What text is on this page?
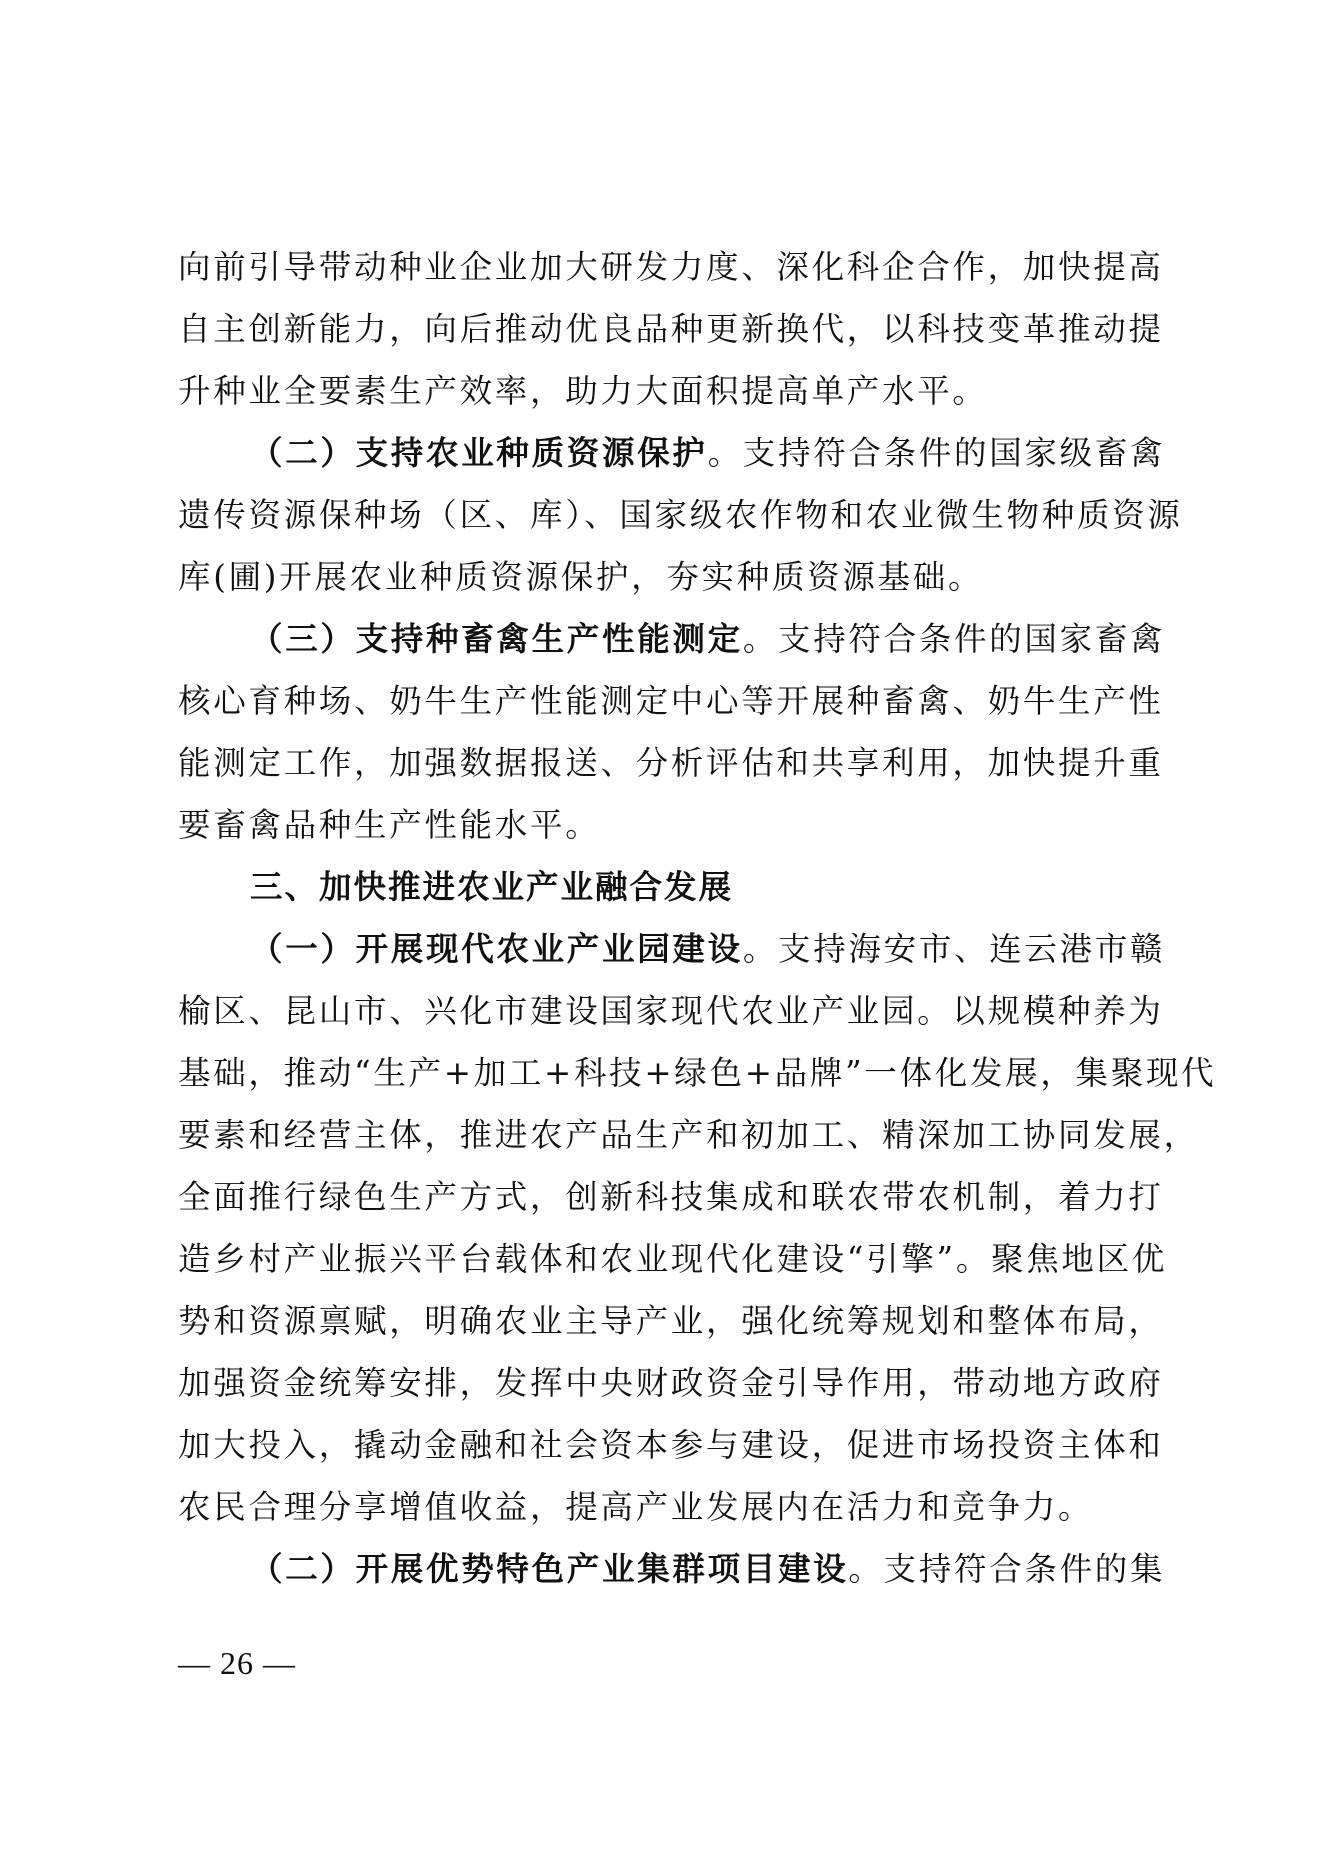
向前引导带动种业企业加大研发力度、深化科企合作，加快提高
自主创新能力，向后推动优良品种更新换代，以科技变革推动提
升种业全要素生产效率，助力大面积提高单产水平。
（二）支持农业种质资源保护。支持符合条件的国家级畜禽
遗传资源保种场（区、库）、国家级农作物和农业微生物种质资源
库(圃)开展农业种质资源保护，夯实种质资源基础。
（三）支持种畜禽生产性能测定。支持符合条件的国家畜禽
核心育种场、奶牛生产性能测定中心等开展种畜禽、奶牛生产性
能测定工作，加强数据报送、分析评估和共享利用，加快提升重
要畜禽品种生产性能水平。
三、加快推进农业产业融合发展
（一）开展现代农业产业园建设。支持海安市、连云港市赣
榆区、昆山市、兴化市建设国家现代农业产业园。以规模种养为
基础，推动“生产+加工+科技+绿色+品牌”一体化发展，集聚现代
要素和经营主体，推进农产品生产和初加工、精深加工协同发展，
全面推行绿色生产方式，创新科技集成和联农带农机制，着力打
造乡村产业振兴平台载体和农业现代化建设“引擎”。聚焦地区优
势和资源禀赋，明确农业主导产业，强化统筹规划和整体布局，
加强资金统筹安排，发挥中央财政资金引导作用，带动地方政府
加大投入，撬动金融和社会资本参与建设，促进市场投资主体和
农民合理分享增值收益，提高产业发展内在活力和竞争力。
（二）开展优势特色产业集群项目建设。支持符合条件的集
— 26 —
